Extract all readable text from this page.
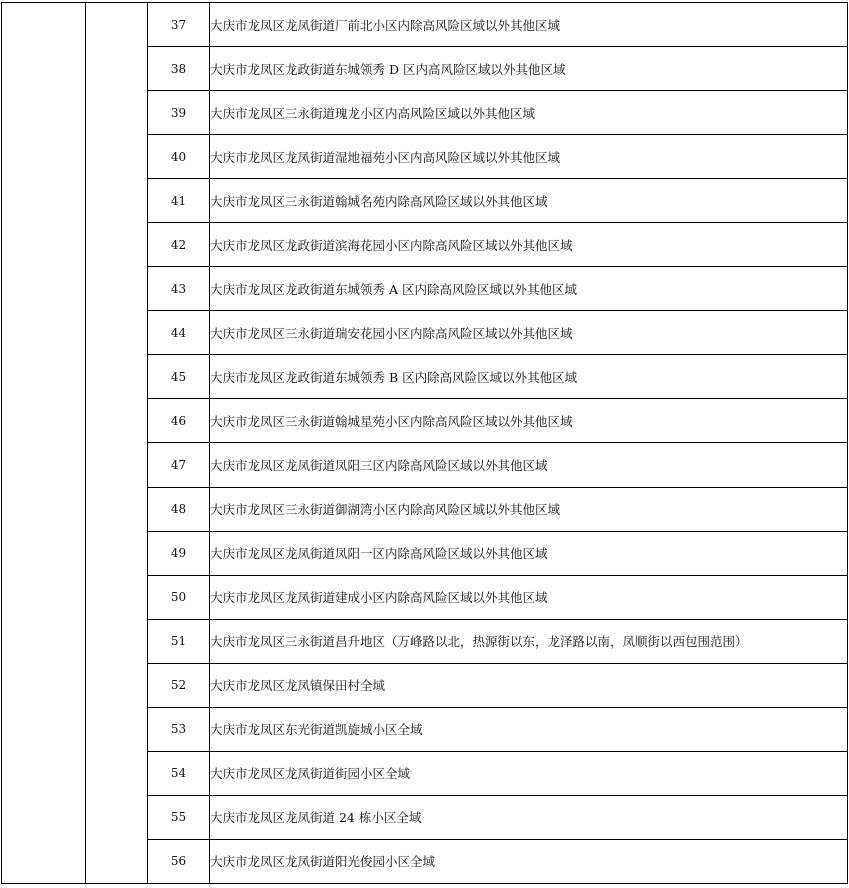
		37	大庆市龙凤区龙凤街道厂前北小区内除高风险区域以外其他区域
		38	大庆市龙凤区龙政街道东城领秀 D 区内高风险区域以外其他区域
		39	大庆市龙凤区三永街道瑰龙小区内高风险区域以外其他区域
		40	大庆市龙凤区龙凤街道湿地福苑小区内高风险区域以外其他区域
		41	大庆市龙凤区三永街道翰城名苑内除高风险区域以外其他区域
		42	大庆市龙凤区龙政街道滨海花园小区内除高风险区域以外其他区域
		43	大庆市龙凤区龙政街道东城领秀 A 区内除高风险区域以外其他区域
		44	大庆市龙凤区三永街道瑞安花园小区内除高风险区域以外其他区域
		45	大庆市龙凤区龙政街道东城领秀 B 区内除高风险区域以外其他区域
		46	大庆市龙凤区三永街道翰城星苑小区内除高风险区域以外其他区域
		47	大庆市龙凤区龙凤街道凤阳三区内除高风险区域以外其他区域
		48	大庆市龙凤区三永街道御湖湾小区内除高风险区域以外其他区域
		49	大庆市龙凤区龙凤街道凤阳一区内除高风险区域以外其他区域
		50	大庆市龙凤区龙凤街道建成小区内除高风险区域以外其他区域
		51	大庆市龙凤区三永街道昌升地区（万峰路以北，热源街以东，龙泽路以南，凤顺街以西包围范围）
		52	大庆市龙凤区龙凤镇保田村全域
		53	大庆市龙凤区东光街道凯旋城小区全域
		54	大庆市龙凤区龙凤街道街园小区全域
		55	大庆市龙凤区龙凤街道 24 栋小区全域
		56	大庆市龙凤区龙凤街道阳光俊园小区全域
